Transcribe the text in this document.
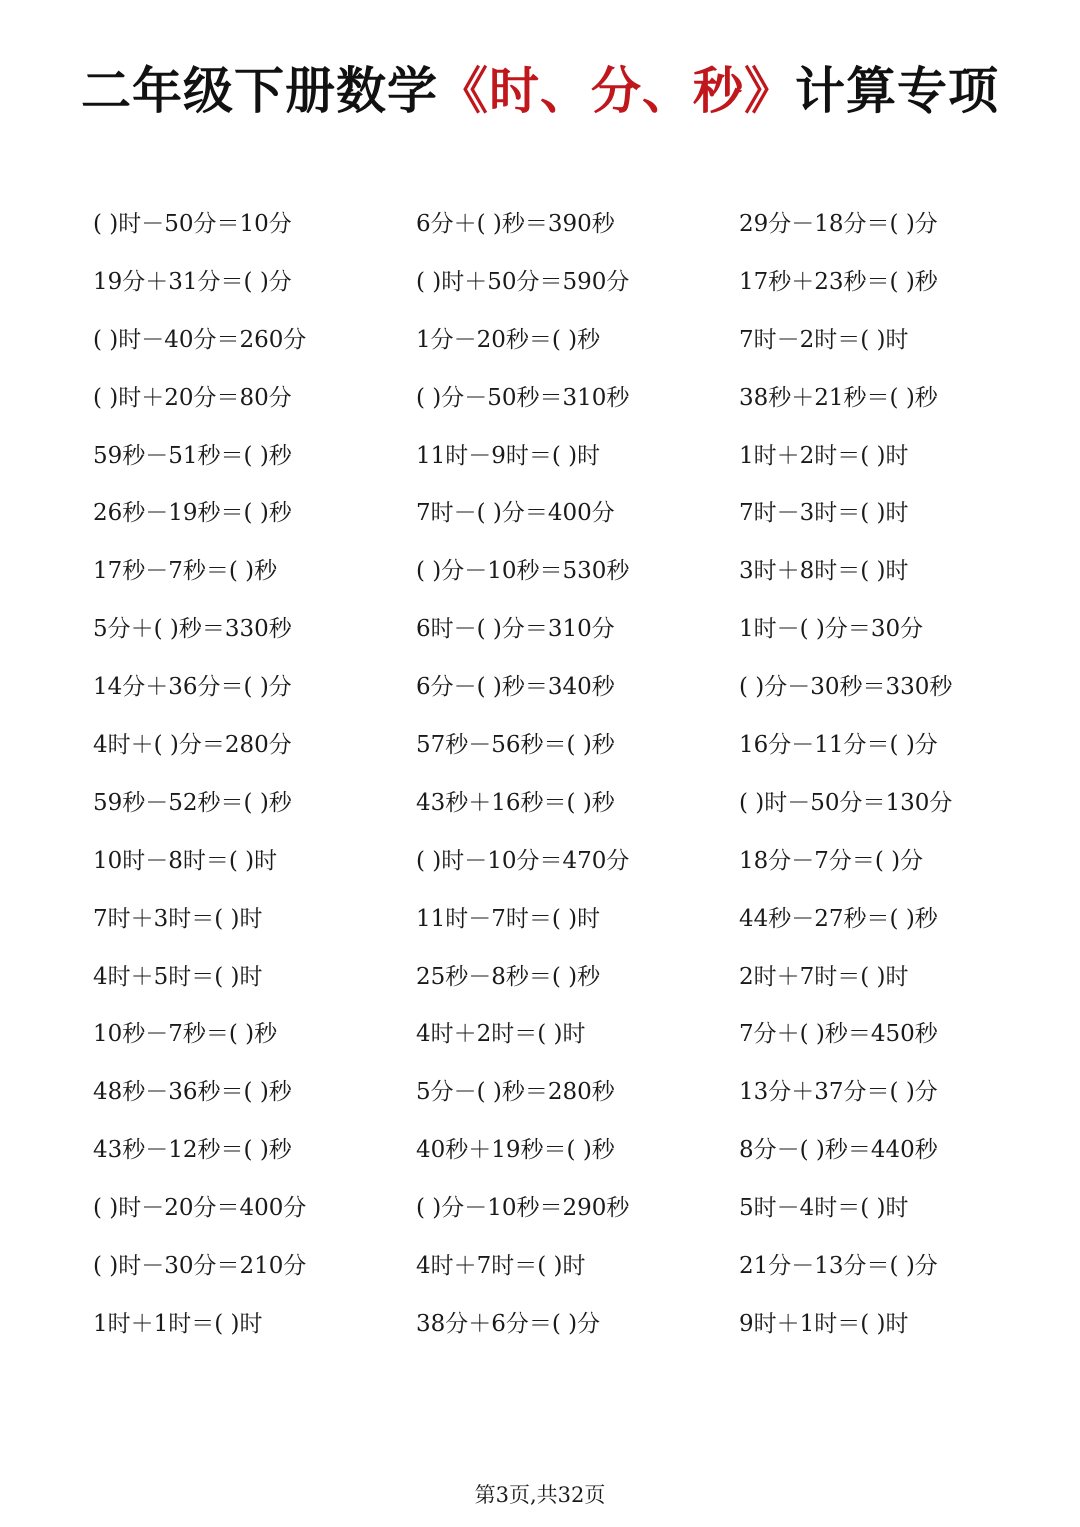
二年级下册数学《时、分、秒》计算专项
( )时－50分＝10分	6分＋( )秒＝390秒	29分－18分＝( )分
19分＋31分＝( )分	( )时＋50分＝590分	17秒＋23秒＝( )秒
( )时－40分＝260分	1分－20秒＝( )秒	7时－2时＝( )时
( )时＋20分＝80分	( )分－50秒＝310秒	38秒＋21秒＝( )秒
59秒－51秒＝( )秒	11时－9时＝( )时	1时＋2时＝( )时
26秒－19秒＝( )秒	7时－( )分＝400分	7时－3时＝( )时
17秒－7秒＝( )秒	( )分－10秒＝530秒	3时＋8时＝( )时
5分＋( )秒＝330秒	6时－( )分＝310分	1时－( )分＝30分
14分＋36分＝( )分	6分－( )秒＝340秒	( )分－30秒＝330秒
4时＋( )分＝280分	57秒－56秒＝( )秒	16分－11分＝( )分
59秒－52秒＝( )秒	43秒＋16秒＝( )秒	( )时－50分＝130分
10时－8时＝( )时	( )时－10分＝470分	18分－7分＝( )分
7时＋3时＝( )时	11时－7时＝( )时	44秒－27秒＝( )秒
4时＋5时＝( )时	25秒－8秒＝( )秒	2时＋7时＝( )时
10秒－7秒＝( )秒	4时＋2时＝( )时	7分＋( )秒＝450秒
48秒－36秒＝( )秒	5分－( )秒＝280秒	13分＋37分＝( )分
43秒－12秒＝( )秒	40秒＋19秒＝( )秒	8分－( )秒＝440秒
( )时－20分＝400分	( )分－10秒＝290秒	5时－4时＝( )时
( )时－30分＝210分	4时＋7时＝( )时	21分－13分＝( )分
1时＋1时＝( )时	38分＋6分＝( )分	9时＋1时＝( )时
第3页,共32页
